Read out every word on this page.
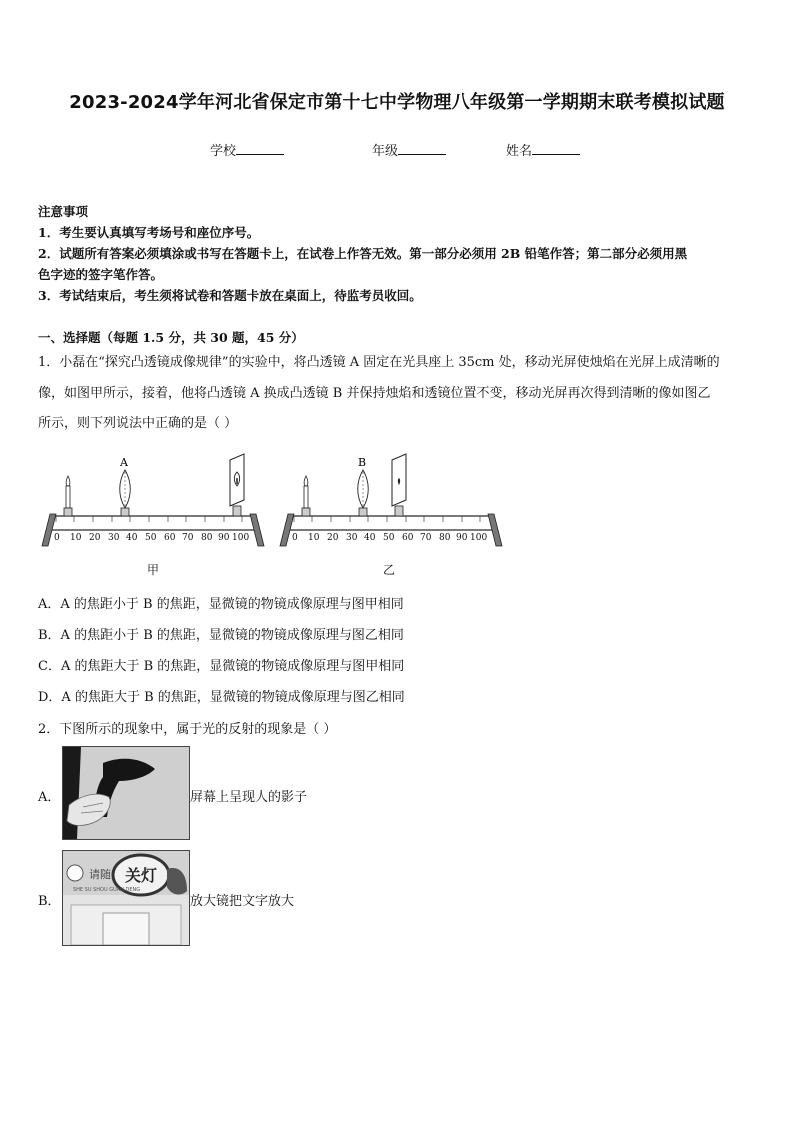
2023-2024学年河北省保定市第十七中学物理八年级第一学期期末联考模拟试题
学校	年级	姓名
注意事项
1．考生要认真填写考场号和座位序号。
2．试题所有答案必须填涂或书写在答题卡上，在试卷上作答无效。第一部分必须用 2B 铅笔作答；第二部分必须用黑
色字迹的签字笔作答。
3．考试结束后，考生须将试卷和答题卡放在桌面上，待监考员收回。
一、选择题（每题 1.5 分，共 30 题，45 分）
1．小磊在“探究凸透镜成像规律”的实验中，将凸透镜 A 固定在光具座上 35cm 处，移动光屏使烛焰在光屏上成清晰的
像，如图甲所示，接着，他将凸透镜 A 换成凸透镜 B 并保持烛焰和透镜位置不变，移动光屏再次得到清晰的像如图乙
所示，则下列说法中正确的是（ ）
0 10 20 30 40 50 60 70 80 90 100
A
甲
0 10 20 30 40 50 60 70 80 90 100
B
乙
A．A 的焦距小于 B 的焦距，显微镜的物镜成像原理与图甲相同
B．A 的焦距小于 B 的焦距，显微镜的物镜成像原理与图乙相同
C．A 的焦距大于 B 的焦距，显微镜的物镜成像原理与图甲相同
D．A 的焦距大于 B 的焦距，显微镜的物镜成像原理与图乙相同
2．下图所示的现象中，属于光的反射的现象是（ ）
A．	屏幕上呈现人的影子
B．
请随 关灯
SHE SU SHOU GUAN DENG
放大镜把文字放大
